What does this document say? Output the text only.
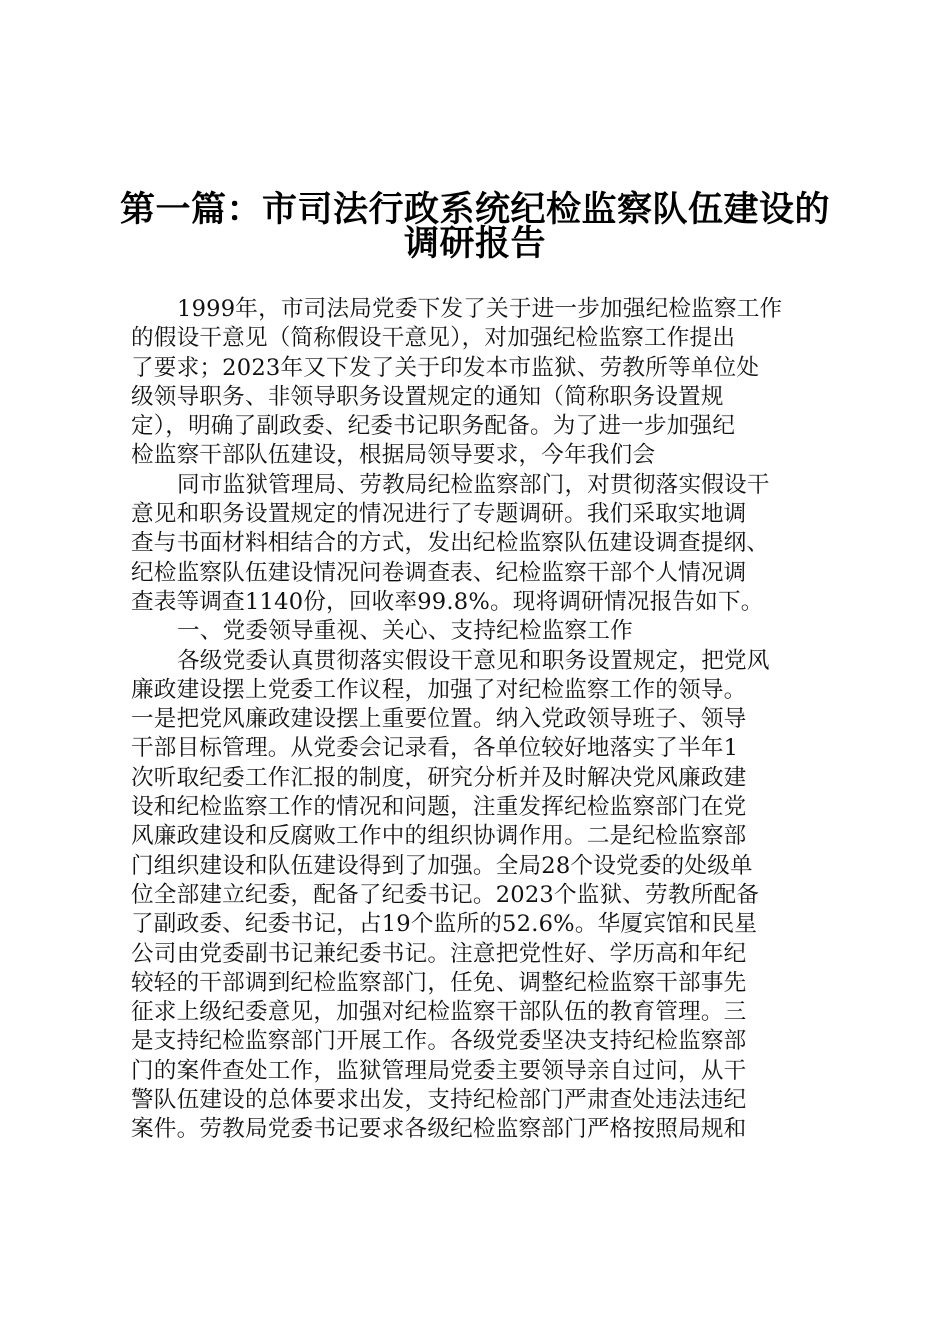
第一篇：市司法行政系统纪检监察队伍建设的
调研报告
1999年，市司法局党委下发了关于进一步加强纪检监察工作
的假设干意见（简称假设干意见），对加强纪检监察工作提出
了要求；2023年又下发了关于印发本市监狱、劳教所等单位处
级领导职务、非领导职务设置规定的通知（简称职务设置规
定），明确了副政委、纪委书记职务配备。为了进一步加强纪
检监察干部队伍建设，根据局领导要求，今年我们会
同市监狱管理局、劳教局纪检监察部门，对贯彻落实假设干
意见和职务设置规定的情况进行了专题调研。我们采取实地调
查与书面材料相结合的方式，发出纪检监察队伍建设调查提纲、
纪检监察队伍建设情况问卷调查表、纪检监察干部个人情况调
查表等调查1140份，回收率99.8%。现将调研情况报告如下。
一、党委领导重视、关心、支持纪检监察工作
各级党委认真贯彻落实假设干意见和职务设置规定，把党风
廉政建设摆上党委工作议程，加强了对纪检监察工作的领导。
一是把党风廉政建设摆上重要位置。纳入党政领导班子、领导
干部目标管理。从党委会记录看，各单位较好地落实了半年1
次听取纪委工作汇报的制度，研究分析并及时解决党风廉政建
设和纪检监察工作的情况和问题，注重发挥纪检监察部门在党
风廉政建设和反腐败工作中的组织协调作用。二是纪检监察部
门组织建设和队伍建设得到了加强。全局28个设党委的处级单
位全部建立纪委，配备了纪委书记。2023个监狱、劳教所配备
了副政委、纪委书记，占19个监所的52.6%。华厦宾馆和民星
公司由党委副书记兼纪委书记。注意把党性好、学历高和年纪
较轻的干部调到纪检监察部门，任免、调整纪检监察干部事先
征求上级纪委意见，加强对纪检监察干部队伍的教育管理。三
是支持纪检监察部门开展工作。各级党委坚决支持纪检监察部
门的案件查处工作，监狱管理局党委主要领导亲自过问，从干
警队伍建设的总体要求出发，支持纪检部门严肃查处违法违纪
案件。劳教局党委书记要求各级纪检监察部门严格按照局规和
